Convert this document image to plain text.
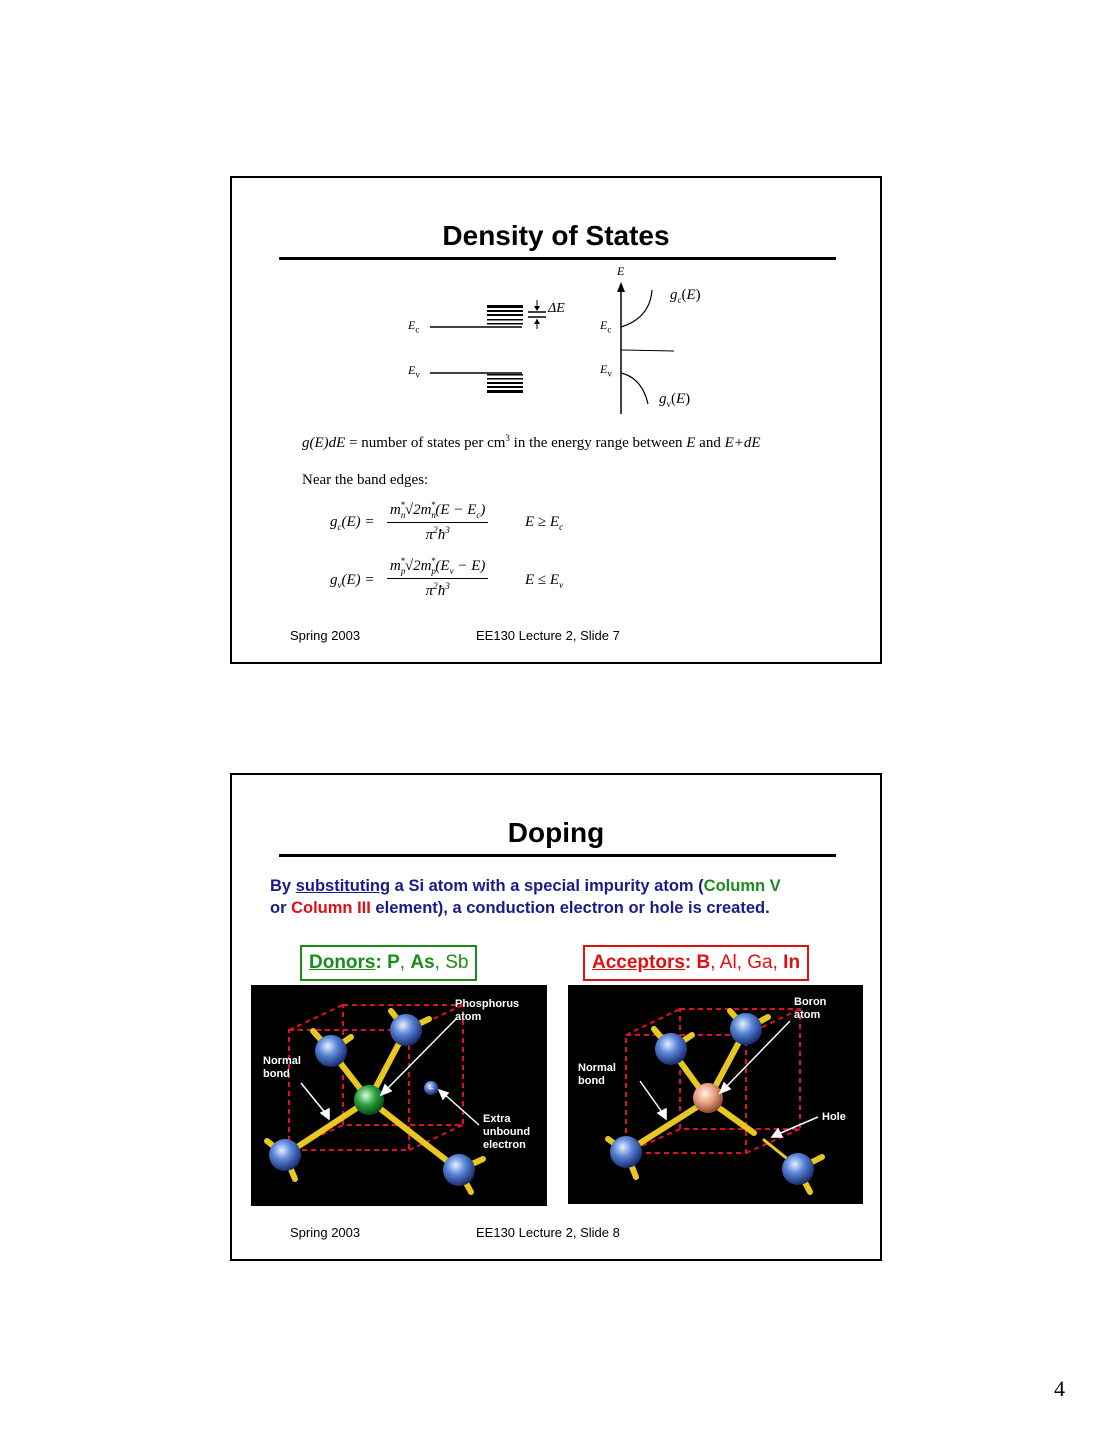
Density of States
$E_c$
$E_v$
ΔE
E
$E_c$
$E_v$
$g_c(E)$
$g_v(E)$
g(E)dE = number of states per $cm^3$ in the energy range between E and E+dE
Near the band edges:
$g_c(E) = \frac{m_n^*√2m_n^*(E - E_c)}{\pi^2ħ^3}$ $E \ge E_c$
$g_v(E) = \frac{m_p^*√2m_p^*(E_v - E)}{\pi^2ħ^3}$ $E \le E_v$
Spring 2003	EE130 Lecture 2, Slide 7
Doping
By substituting a Si atom with a special impurity atom (Column V
or Column III element), a conduction electron or hole is created.
Donors: P, As, Sb	Acceptors: B, Al, Ga, In
−
Phosphorus
atom
Normal
bond
Extra
unbound
electron
Boron
atom
Normal
bond
Hole
Spring 2003	EE130 Lecture 2, Slide 8
4
